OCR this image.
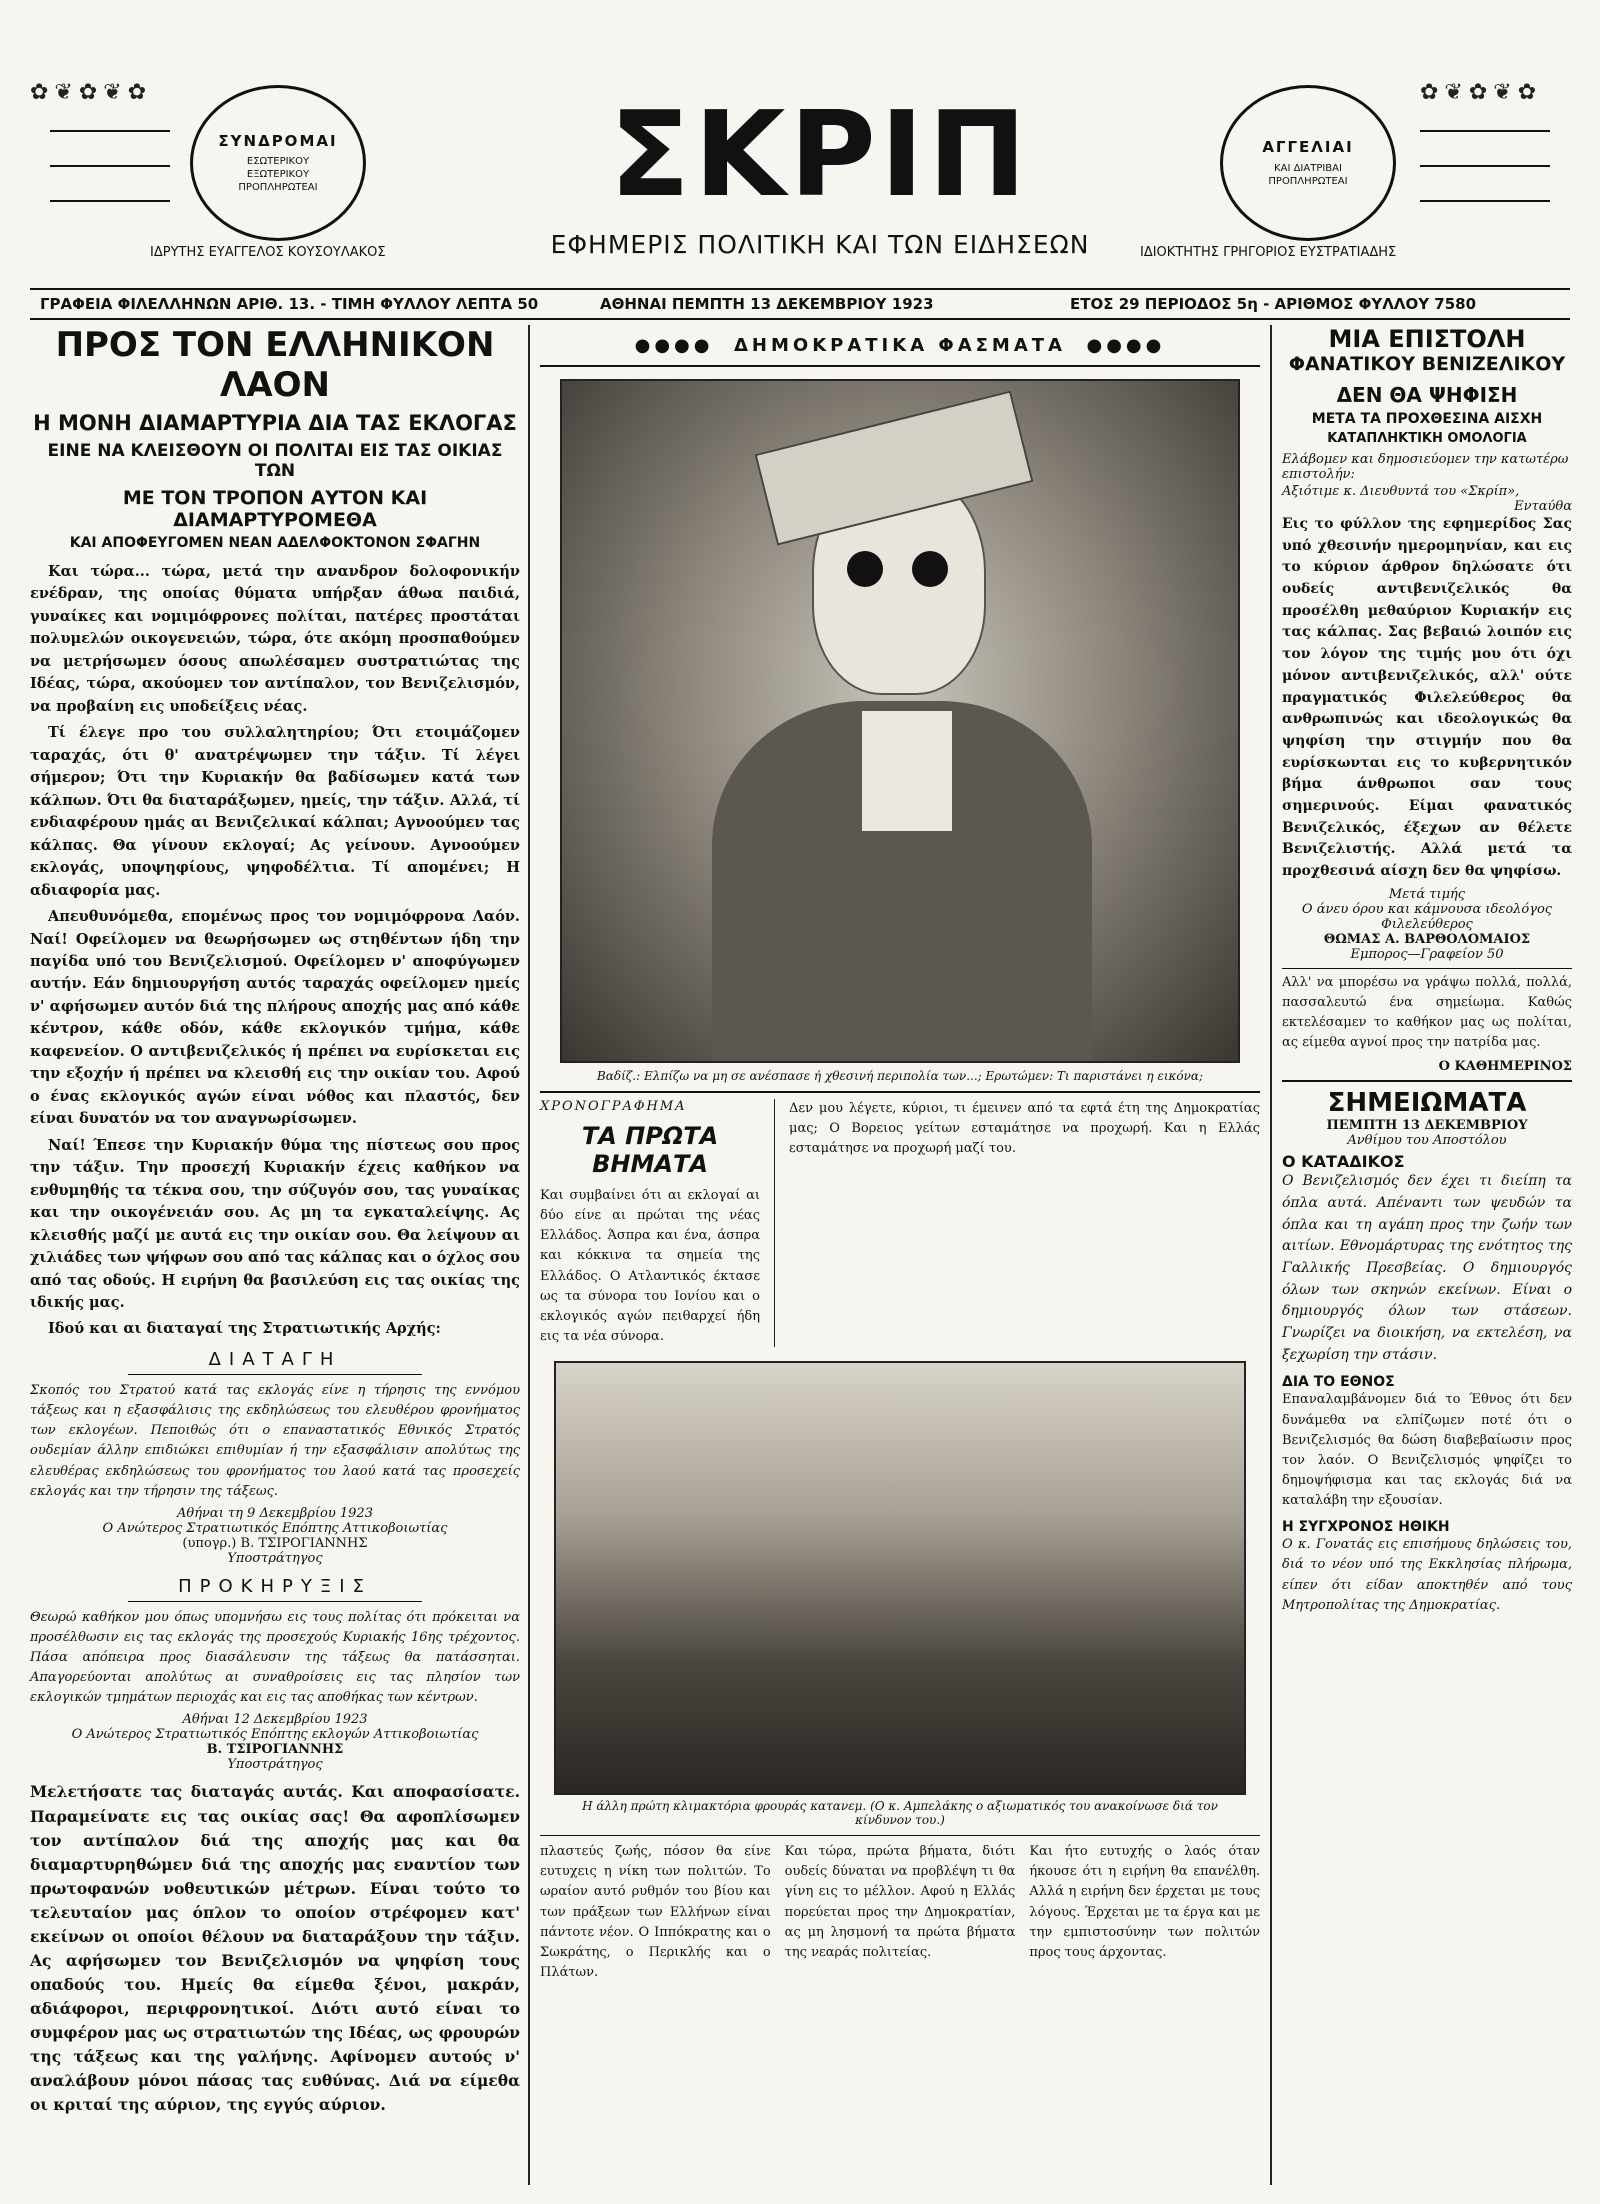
✿❦✿❦✿
ΣΥΝΔΡΟΜΑΙ
ΕΣΩΤΕΡΙΚΟΥ
ΕΞΩΤΕΡΙΚΟΥ
ΠΡΟΠΛΗΡΩΤΕΑΙ
ΙΔΡΥΤΗΣ ΕΥΑΓΓΕΛΟΣ ΚΟΥΣΟΥΛΑΚΟΣ
ΣΚΡΙΠ
ΕΦΗΜΕΡΙΣ ΠΟΛΙΤΙΚΗ ΚΑΙ ΤΩΝ ΕΙΔΗΣΕΩΝ
ΑΓΓΕΛΙΑΙ
ΚΑΙ ΔΙΑΤΡΙΒΑΙ
ΠΡΟΠΛΗΡΩΤΕΑΙ
✿❦✿❦✿
ΙΔΙΟΚΤΗΤΗΣ ΓΡΗΓΟΡΙΟΣ ΕΥΣΤΡΑΤΙΑΔΗΣ
ΓΡΑΦΕΙΑ ΦΙΛΕΛΛΗΝΩΝ ΑΡΙΘ. 13. - ΤΙΜΗ ΦΥΛΛΟΥ ΛΕΠΤΑ 50	ΑΘΗΝΑΙ ΠΕΜΠΤΗ 13 ΔΕΚΕΜΒΡΙΟΥ 1923	ΕΤΟΣ 29 ΠΕΡΙΟΔΟΣ 5η - ΑΡΙΘΜΟΣ ΦΥΛΛΟΥ 7580
ΠΡΟΣ ΤΟΝ ΕΛΛΗΝΙΚΟΝ ΛΑΟΝ
Η ΜΟΝΗ ΔΙΑΜΑΡΤΥΡΙΑ ΔΙΑ ΤΑΣ ΕΚΛΟΓΑΣ
ΕΙΝΕ ΝΑ ΚΛΕΙΣΘΟΥΝ ΟΙ ΠΟΛΙΤΑΙ ΕΙΣ ΤΑΣ ΟΙΚΙΑΣ ΤΩΝ
ΜΕ ΤΟΝ ΤΡΟΠΟΝ ΑΥΤΟΝ ΚΑΙ ΔΙΑΜΑΡΤΥΡΟΜΕΘΑ
ΚΑΙ ΑΠΟΦΕΥΓΟΜΕΝ ΝΕΑΝ ΑΔΕΛΦΟΚΤΟΝΟΝ ΣΦΑΓΗΝ

Και τώρα... τώρα, μετά την ανανδρον δολοφονικήν ενέδραν, της οποίας θύματα υπήρξαν άθωα παιδιά, γυναίκες και νομιμόφρονες πολίται, πατέρες προστάται πολυμελών οικογενειών, τώρα, ότε ακόμη προσπαθούμεν να μετρήσωμεν όσους απωλέσαμεν συστρατιώτας της Ιδέας, τώρα, ακούομεν τον αντίπαλον, τον Βενιζελισμόν, να προβαίνη εις υποδείξεις νέας.

Τί έλεγε προ του συλλαλητηρίου; Ότι ετοιμάζομεν ταραχάς, ότι θ' ανατρέψωμεν την τάξιν. Τί λέγει σήμερον; Ότι την Κυριακήν θα βαδίσωμεν κατά των κάλπων. Ότι θα διαταράξωμεν, ημείς, την τάξιν. Αλλά, τί ενδιαφέρουν ημάς αι Βενιζελικαί κάλπαι; Αγνοούμεν τας κάλπας. Θα γίνουν εκλογαί; Ας γείνουν. Αγνοούμεν εκλογάς, υποψηφίους, ψηφοδέλτια. Τί απομένει; Η αδιαφορία μας.

Απευθυνόμεθα, επομένως προς τον νομιμόφρονα Λαόν. Ναί! Οφείλομεν να θεωρήσωμεν ως στηθέντων ήδη την παγίδα υπό του Βενιζελισμού. Οφείλομεν ν' αποφύγωμεν αυτήν. Εάν δημιουργήση αυτός ταραχάς οφείλομεν ημείς ν' αφήσωμεν αυτόν διά της πλήρους αποχής μας από κάθε κέντρον, κάθε οδόν, κάθε εκλογικόν τμήμα, κάθε καφενείον. Ο αντιβενιζελικός ή πρέπει να ευρίσκεται εις την εξοχήν ή πρέπει να κλεισθή εις την οικίαν του. Αφού ο ένας εκλογικός αγών είναι νόθος και πλαστός, δεν είναι δυνατόν να τον αναγνωρίσωμεν.

Ναί! Έπεσε την Κυριακήν θύμα της πίστεως σου προς την τάξιν. Την προσεχή Κυριακήν έχεις καθήκον να ενθυμηθής τα τέκνα σου, την σύζυγόν σου, τας γυναίκας και την οικογένειάν σου. Ας μη τα εγκαταλείψης. Ας κλεισθής μαζί με αυτά εις την οικίαν σου. Θα λείψουν αι χιλιάδες των ψήφων σου από τας κάλπας και ο όχλος σου από τας οδούς. Η ειρήνη θα βασιλεύση εις τας οικίας της ιδικής μας.

Ιδού και αι διαταγαί της Στρατιωτικής Αρχής:

ΔΙΑΤΑΓΗ
Σκοπός του Στρατού κατά τας εκλογάς είνε η τήρησις της εννόμου τάξεως και η εξασφάλισις της εκδηλώσεως του ελευθέρου φρονήματος των εκλογέων. Πεποιθώς ότι ο επαναστατικός Εθνικός Στρατός ουδεμίαν άλλην επιδιώκει επιθυμίαν ή την εξασφάλισιν απολύτως της ελευθέρας εκδηλώσεως του φρονήματος του λαού κατά τας προσεχείς εκλογάς και την τήρησιν της τάξεως.
Αθήναι τη 9 Δεκεμβρίου 1923
Ο Ανώτερος Στρατιωτικός Επόπτης Αττικοβοιωτίας
(υπογρ.) Β. ΤΣΙΡΟΓΙΑΝΝΗΣ
Υποστράτηγος
ΠΡΟΚΗΡΥΞΙΣ
Θεωρώ καθήκον μου όπως υπομνήσω εις τους πολίτας ότι πρόκειται να προσέλθωσιν εις τας εκλογάς της προσεχούς Κυριακής 16ης τρέχοντος. Πάσα απόπειρα προς διασάλευσιν της τάξεως θα πατάσσηται. Απαγορεύονται απολύτως αι συναθροίσεις εις τας πλησίον των εκλογικών τμημάτων περιοχάς και εις τας αποθήκας των κέντρων.
Αθήναι 12 Δεκεμβρίου 1923
Ο Ανώτερος Στρατιωτικός Επόπτης εκλογών Αττικοβοιωτίας
Β. ΤΣΙΡΟΓΙΑΝΝΗΣ
Υποστράτηγος
Μελετήσατε τας διαταγάς αυτάς. Και αποφασίσατε. Παραμείνατε εις τας οικίας σας! Θα αφοπλίσωμεν τον αντίπαλον διά της αποχής μας και θα διαμαρτυρηθώμεν διά της αποχής μας εναντίον των πρωτοφανών νοθευτικών μέτρων. Είναι τούτο το τελευταίον μας όπλον το οποίον στρέφομεν κατ' εκείνων οι οποίοι θέλουν να διαταράξουν την τάξιν. Ας αφήσωμεν τον Βενιζελισμόν να ψηφίση τους οπαδούς του. Ημείς θα είμεθα ξένοι, μακράν, αδιάφοροι, περιφρονητικοί. Διότι αυτό είναι το συμφέρον μας ως στρατιωτών της Ιδέας, ως φρουρών της τάξεως και της γαλήνης. Αφίνομεν αυτούς ν' αναλάβουν μόνοι πάσας τας ευθύνας. Διά να είμεθα οι κριταί της αύριον, της εγγύς αύριον.
●●●● ΔΗΜΟΚΡΑΤΙΚΑ ΦΑΣΜΑΤΑ ●●●●
Βαδίζ.: Ελπίζω να μη σε ανέσπασε ή χθεσινή περιπολία των...; Ερωτώμεν: Τι παριστάνει η εικόνα;
ΧΡΟΝΟΓΡΑΦΗΜΑ
ΤΑ ΠΡΩΤΑ ΒΗΜΑΤΑ
Και συμβαίνει ότι αι εκλογαί αι δύο είνε αι πρώται της νέας Ελλάδος. Άσπρα και ένα, άσπρα και κόκκινα τα σημεία της Ελλάδος. Ο Ατλαντικός έκτασε ως τα σύνορα του Ιονίου και ο εκλογικός αγών πειθαρχεί ήδη εις τα νέα σύνορα.
Δεν μου λέγετε, κύριοι, τι έμεινεν από τα εφτά έτη της Δημοκρατίας μας; Ο Βορειος γείτων εσταμάτησε να προχωρή. Και η Ελλάς εσταμάτησε να προχωρή μαζί του.
Η άλλη πρώτη κλιμακτόρια φρουράς κατανεμ. (Ο κ. Αμπελάκης ο αξιωματικός του ανακοίνωσε διά τον κίνδυνον του.)
πλαστεύς ζωής, πόσον θα είνε ευτυχεις η νίκη των πολιτών. Το ωραίον αυτό ρυθμόν του βίου και των πράξεων των Ελλήνων είναι πάντοτε νέον. Ο Ιππόκρατης και ο Σωκράτης, ο Περικλής και ο Πλάτων.
Και τώρα, πρώτα βήματα, διότι ουδείς δύναται να προβλέψη τι θα γίνη εις το μέλλον. Αφού η Ελλάς πορεύεται προς την Δημοκρατίαν, ας μη λησμονή τα πρώτα βήματα της νεαράς πολιτείας.
Και ήτο ευτυχής ο λαός όταν ήκουσε ότι η ειρήνη θα επανέλθη. Αλλά η ειρήνη δεν έρχεται με τους λόγους. Έρχεται με τα έργα και με την εμπιστοσύνην των πολιτών προς τους άρχοντας.
ΜΙΑ ΕΠΙΣΤΟΛΗ
ΦΑΝΑΤΙΚΟΥ ΒΕΝΙΖΕΛΙΚΟΥ
ΔΕΝ ΘΑ ΨΗΦΙΣΗ
ΜΕΤΑ ΤΑ ΠΡΟΧΘΕΣΙΝΑ ΑΙΣΧΗ
ΚΑΤΑΠΛΗΚΤΙΚΗ ΟΜΟΛΟΓΙΑ
Ελάβομεν και δημοσιεύομεν την κατωτέρω επιστολήν:
Αξιότιμε κ. Διευθυντά του «Σκρίπ»,
Ενταύθα
Εις το φύλλον της εφημερίδος Σας υπό χθεσινήν ημερομηνίαν, και εις το κύριον άρθρον δηλώσατε ότι ουδείς αντιβενιζελικός θα προσέλθη μεθαύριον Κυριακήν εις τας κάλπας. Σας βεβαιώ λοιπόν εις τον λόγον της τιμής μου ότι όχι μόνον αντιβενιζελικός, αλλ' ούτε πραγματικός Φιλελεύθερος θα ανθρωπινώς και ιδεολογικώς θα ψηφίση την στιγμήν που θα ευρίσκωνται εις το κυβερνητικόν βήμα άνθρωποι σαν τους σημερινούς. Είμαι φανατικός Βενιζελικός, έξεχων αν θέλετε Βενιζελιστής. Αλλά μετά τα προχθεσινά αίσχη δεν θα ψηφίσω.
Μετά τιμής
Ο άνευ όρου και κάμνουσα ιδεολόγος Φιλελεύθερος
ΘΩΜΑΣ Α. ΒΑΡΘΟΛΟΜΑΙΟΣ
Εμπορος—Γραφείον 50
Αλλ' να μπορέσω να γράψω πολλά, πολλά, πασσαλευτώ ένα σημείωμα. Καθώς εκτελέσαμεν το καθήκον μας ως πολίται, ας είμεθα αγνοί προς την πατρίδα μας.
Ο ΚΑΘΗΜΕΡΙΝΟΣ
ΣΗΜΕΙΩΜΑΤΑ
ΠΕΜΠΤΗ 13 ΔΕΚΕΜΒΡΙΟΥ
Ανθίμου του Αποστόλου
Ο ΚΑΤΑΔΙΚΟΣ
Ο Βενιζελισμός δεν έχει τι διείπη τα όπλα αυτά. Απέναντι των ψευδών τα όπλα και τη αγάπη προς την ζωήν των αιτίων. Εθνομάρτυρας της ενότητος της Γαλλικής Πρεσβείας. Ο δημιουργός όλων των σκηνών εκείνων. Είναι ο δημιουργός όλων των στάσεων. Γνωρίζει να διοικήση, να εκτελέση, να ξεχωρίση την στάσιν.
ΔΙΑ ΤΟ ΕΘΝΟΣ
Επαναλαμβάνομεν διά το Έθνος ότι δεν δυνάμεθα να ελπίζωμεν ποτέ ότι ο Βενιζελισμός θα δώση διαβεβαίωσιν προς τον λαόν. Ο Βενιζελισμός ψηφίζει το δημοψήφισμα και τας εκλογάς διά να καταλάβη την εξουσίαν.
Η ΣΥΓΧΡΟΝΟΣ ΗΘΙΚΗ
Ο κ. Γονατάς εις επισήμους δηλώσεις του, διά το νέον υπό της Εκκλησίας πλήρωμα, είπεν ότι είδαν αποκτηθέν από τους Μητροπολίτας της Δημοκρατίας.
